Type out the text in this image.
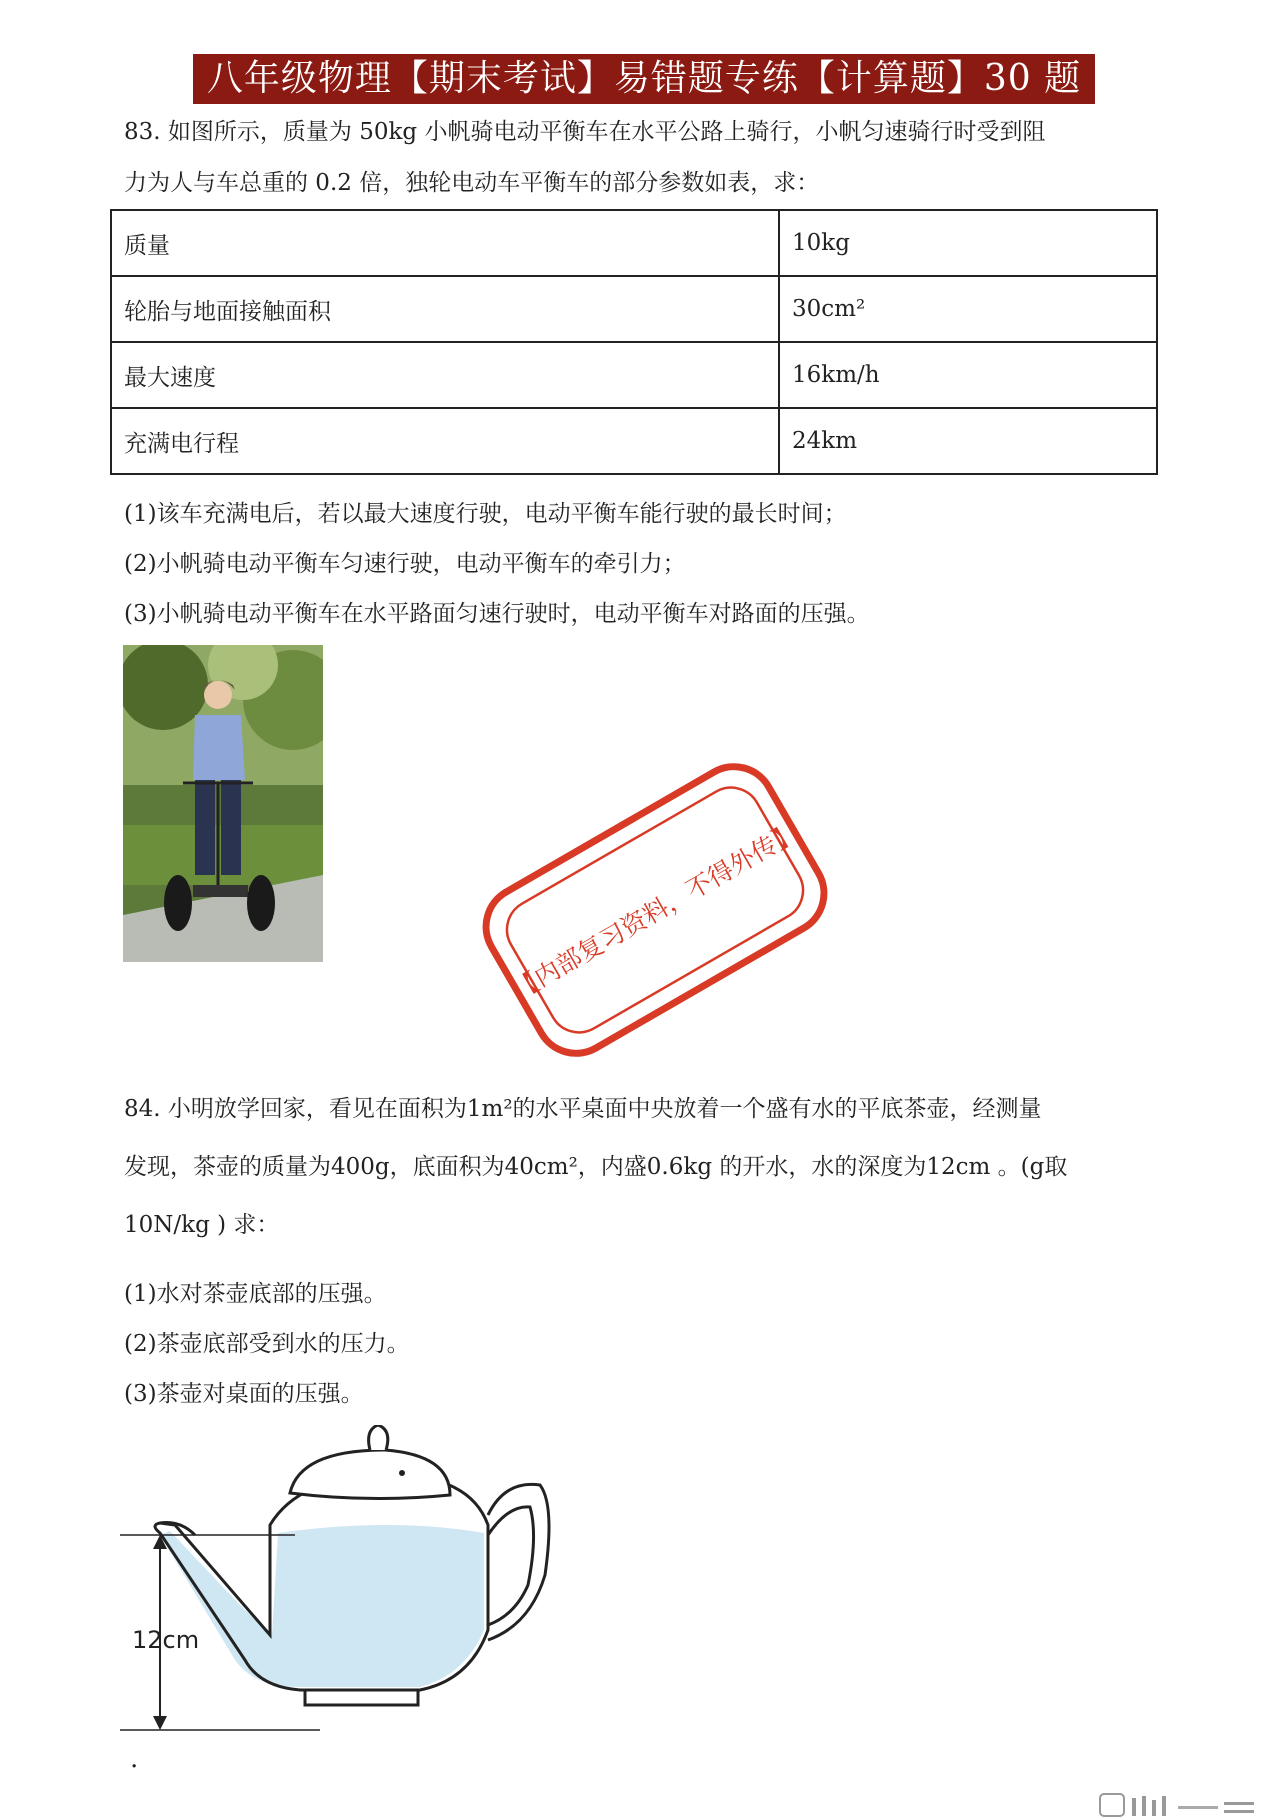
八年级物理【期末考试】易错题专练【计算题】30 题
83. 如图所示，质量为 50kg 小帆骑电动平衡车在水平公路上骑行，小帆匀速骑行时受到阻
力为人与车总重的 0.2 倍，独轮电动车平衡车的部分参数如表，求：
质量	10kg
轮胎与地面接触面积	30cm²
最大速度	16km/h
充满电行程	24km
(1)该车充满电后，若以最大速度行驶，电动平衡车能行驶的最长时间；
(2)小帆骑电动平衡车匀速行驶，电动平衡车的牵引力；
(3)小帆骑电动平衡车在水平路面匀速行驶时，电动平衡车对路面的压强。
【内部复习资料，不得外传】
84. 小明放学回家，看见在面积为1m²的水平桌面中央放着一个盛有水的平底茶壶，经测量
发现，茶壶的质量为400g，底面积为40cm²，内盛0.6kg 的开水，水的深度为12cm 。(g取
10N/kg ) 求：
(1)水对茶壶底部的压强。
(2)茶壶底部受到水的压力。
(3)茶壶对桌面的压强。
12cm
.
